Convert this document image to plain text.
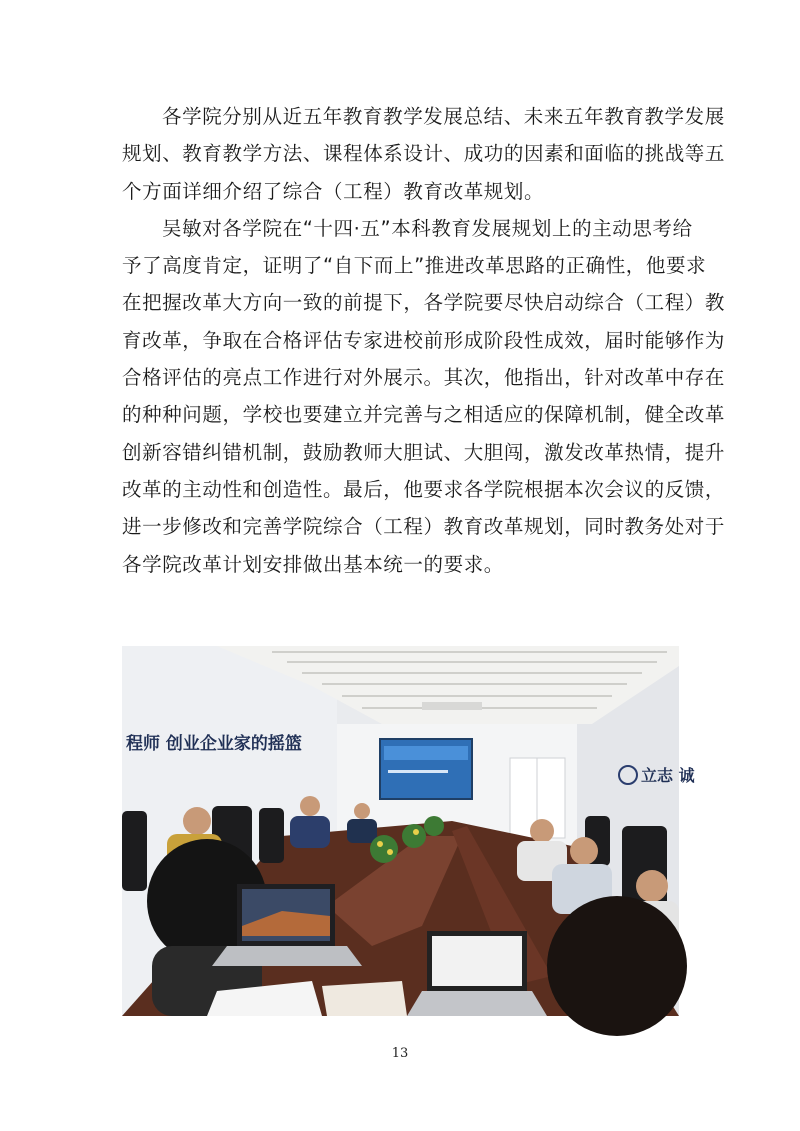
各学院分别从近五年教育教学发展总结、未来五年教育教学发展
规划、教育教学方法、课程体系设计、成功的因素和面临的挑战等五
个方面详细介绍了综合（工程）教育改革规划。

吴敏对各学院在“十四·五”本科教育发展规划上的主动思考给
予了高度肯定，证明了“自下而上”推进改革思路的正确性，他要求
在把握改革大方向一致的前提下，各学院要尽快启动综合（工程）教
育改革，争取在合格评估专家进校前形成阶段性成效，届时能够作为
合格评估的亮点工作进行对外展示。其次，他指出，针对改革中存在
的种种问题，学校也要建立并完善与之相适应的保障机制，健全改革
创新容错纠错机制，鼓励教师大胆试、大胆闯，激发改革热情，提升
改革的主动性和创造性。最后，他要求各学院根据本次会议的反馈，
进一步修改和完善学院综合（工程）教育改革规划，同时教务处对于
各学院改革计划安排做出基本统一的要求。

程师 创业企业家的摇篮
立志 诚
13
